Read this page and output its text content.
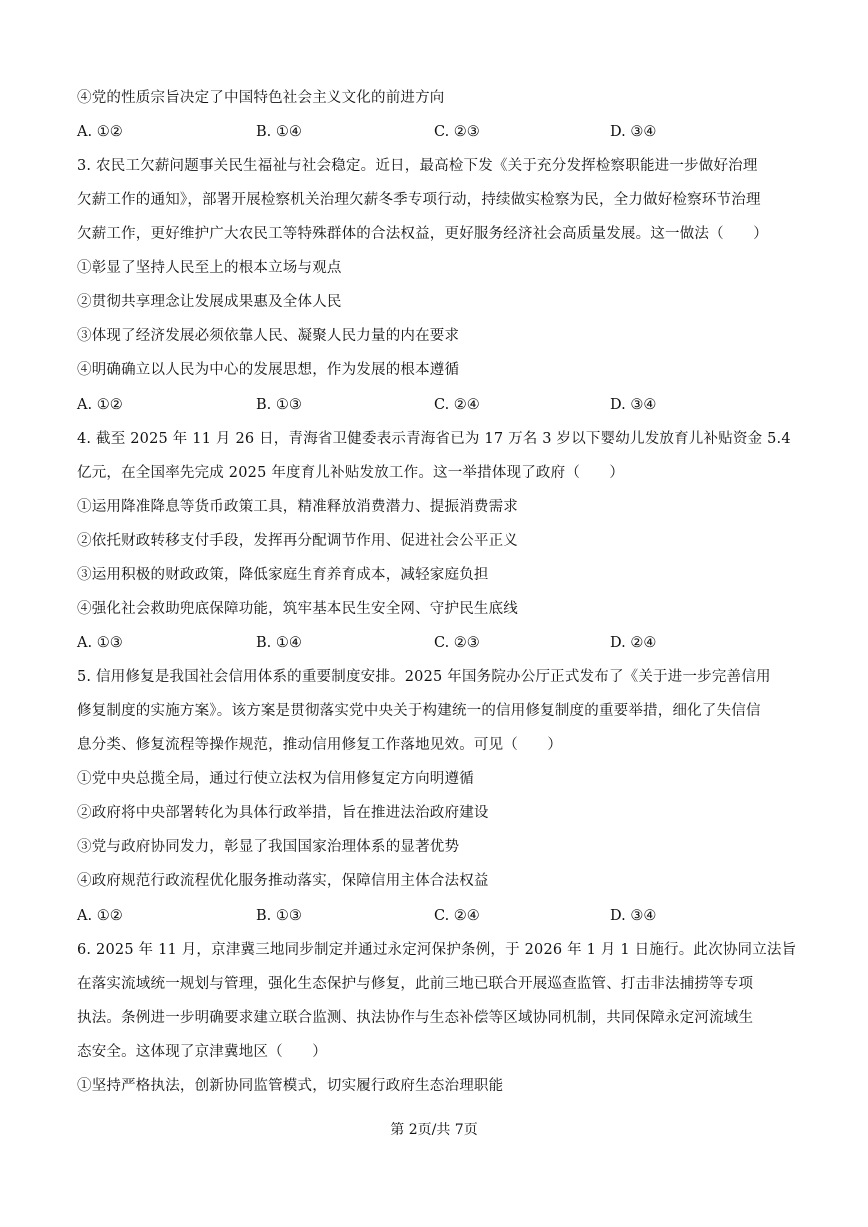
④党的性质宗旨决定了中国特色社会主义文化的前进方向
A. ①②	B. ①④	C. ②③	D. ③④
3. 农民工欠薪问题事关民生福祉与社会稳定。近日，最高检下发《关于充分发挥检察职能进一步做好治理
欠薪工作的通知》，部署开展检察机关治理欠薪冬季专项行动，持续做实检察为民，全力做好检察环节治理
欠薪工作，更好维护广大农民工等特殊群体的合法权益，更好服务经济社会高质量发展。这一做法（　　）
①彰显了坚持人民至上的根本立场与观点
②贯彻共享理念让发展成果惠及全体人民
③体现了经济发展必须依靠人民、凝聚人民力量的内在要求
④明确确立以人民为中心的发展思想，作为发展的根本遵循
A. ①②	B. ①③	C. ②④	D. ③④
4. 截至 2025 年 11 月 26 日，青海省卫健委表示青海省已为 17 万名 3 岁以下婴幼儿发放育儿补贴资金 5.4
亿元，在全国率先完成 2025 年度育儿补贴发放工作。这一举措体现了政府（　　）
①运用降准降息等货币政策工具，精准释放消费潜力、提振消费需求
②依托财政转移支付手段，发挥再分配调节作用、促进社会公平正义
③运用积极的财政政策，降低家庭生育养育成本，减轻家庭负担
④强化社会救助兜底保障功能，筑牢基本民生安全网、守护民生底线
A. ①③	B. ①④	C. ②③	D. ②④
5. 信用修复是我国社会信用体系的重要制度安排。2025 年国务院办公厅正式发布了《关于进一步完善信用
修复制度的实施方案》。该方案是贯彻落实党中央关于构建统一的信用修复制度的重要举措，细化了失信信
息分类、修复流程等操作规范，推动信用修复工作落地见效。可见（　　）
①党中央总揽全局，通过行使立法权为信用修复定方向明遵循
②政府将中央部署转化为具体行政举措，旨在推进法治政府建设
③党与政府协同发力，彰显了我国国家治理体系的显著优势
④政府规范行政流程优化服务推动落实，保障信用主体合法权益
A. ①②	B. ①③	C. ②④	D. ③④
6. 2025 年 11 月，京津冀三地同步制定并通过永定河保护条例，于 2026 年 1 月 1 日施行。此次协同立法旨
在落实流域统一规划与管理，强化生态保护与修复，此前三地已联合开展巡查监管、打击非法捕捞等专项
执法。条例进一步明确要求建立联合监测、执法协作与生态补偿等区域协同机制，共同保障永定河流域生
态安全。这体现了京津冀地区（　　）
①坚持严格执法，创新协同监管模式，切实履行政府生态治理职能
第 2页/共 7页
